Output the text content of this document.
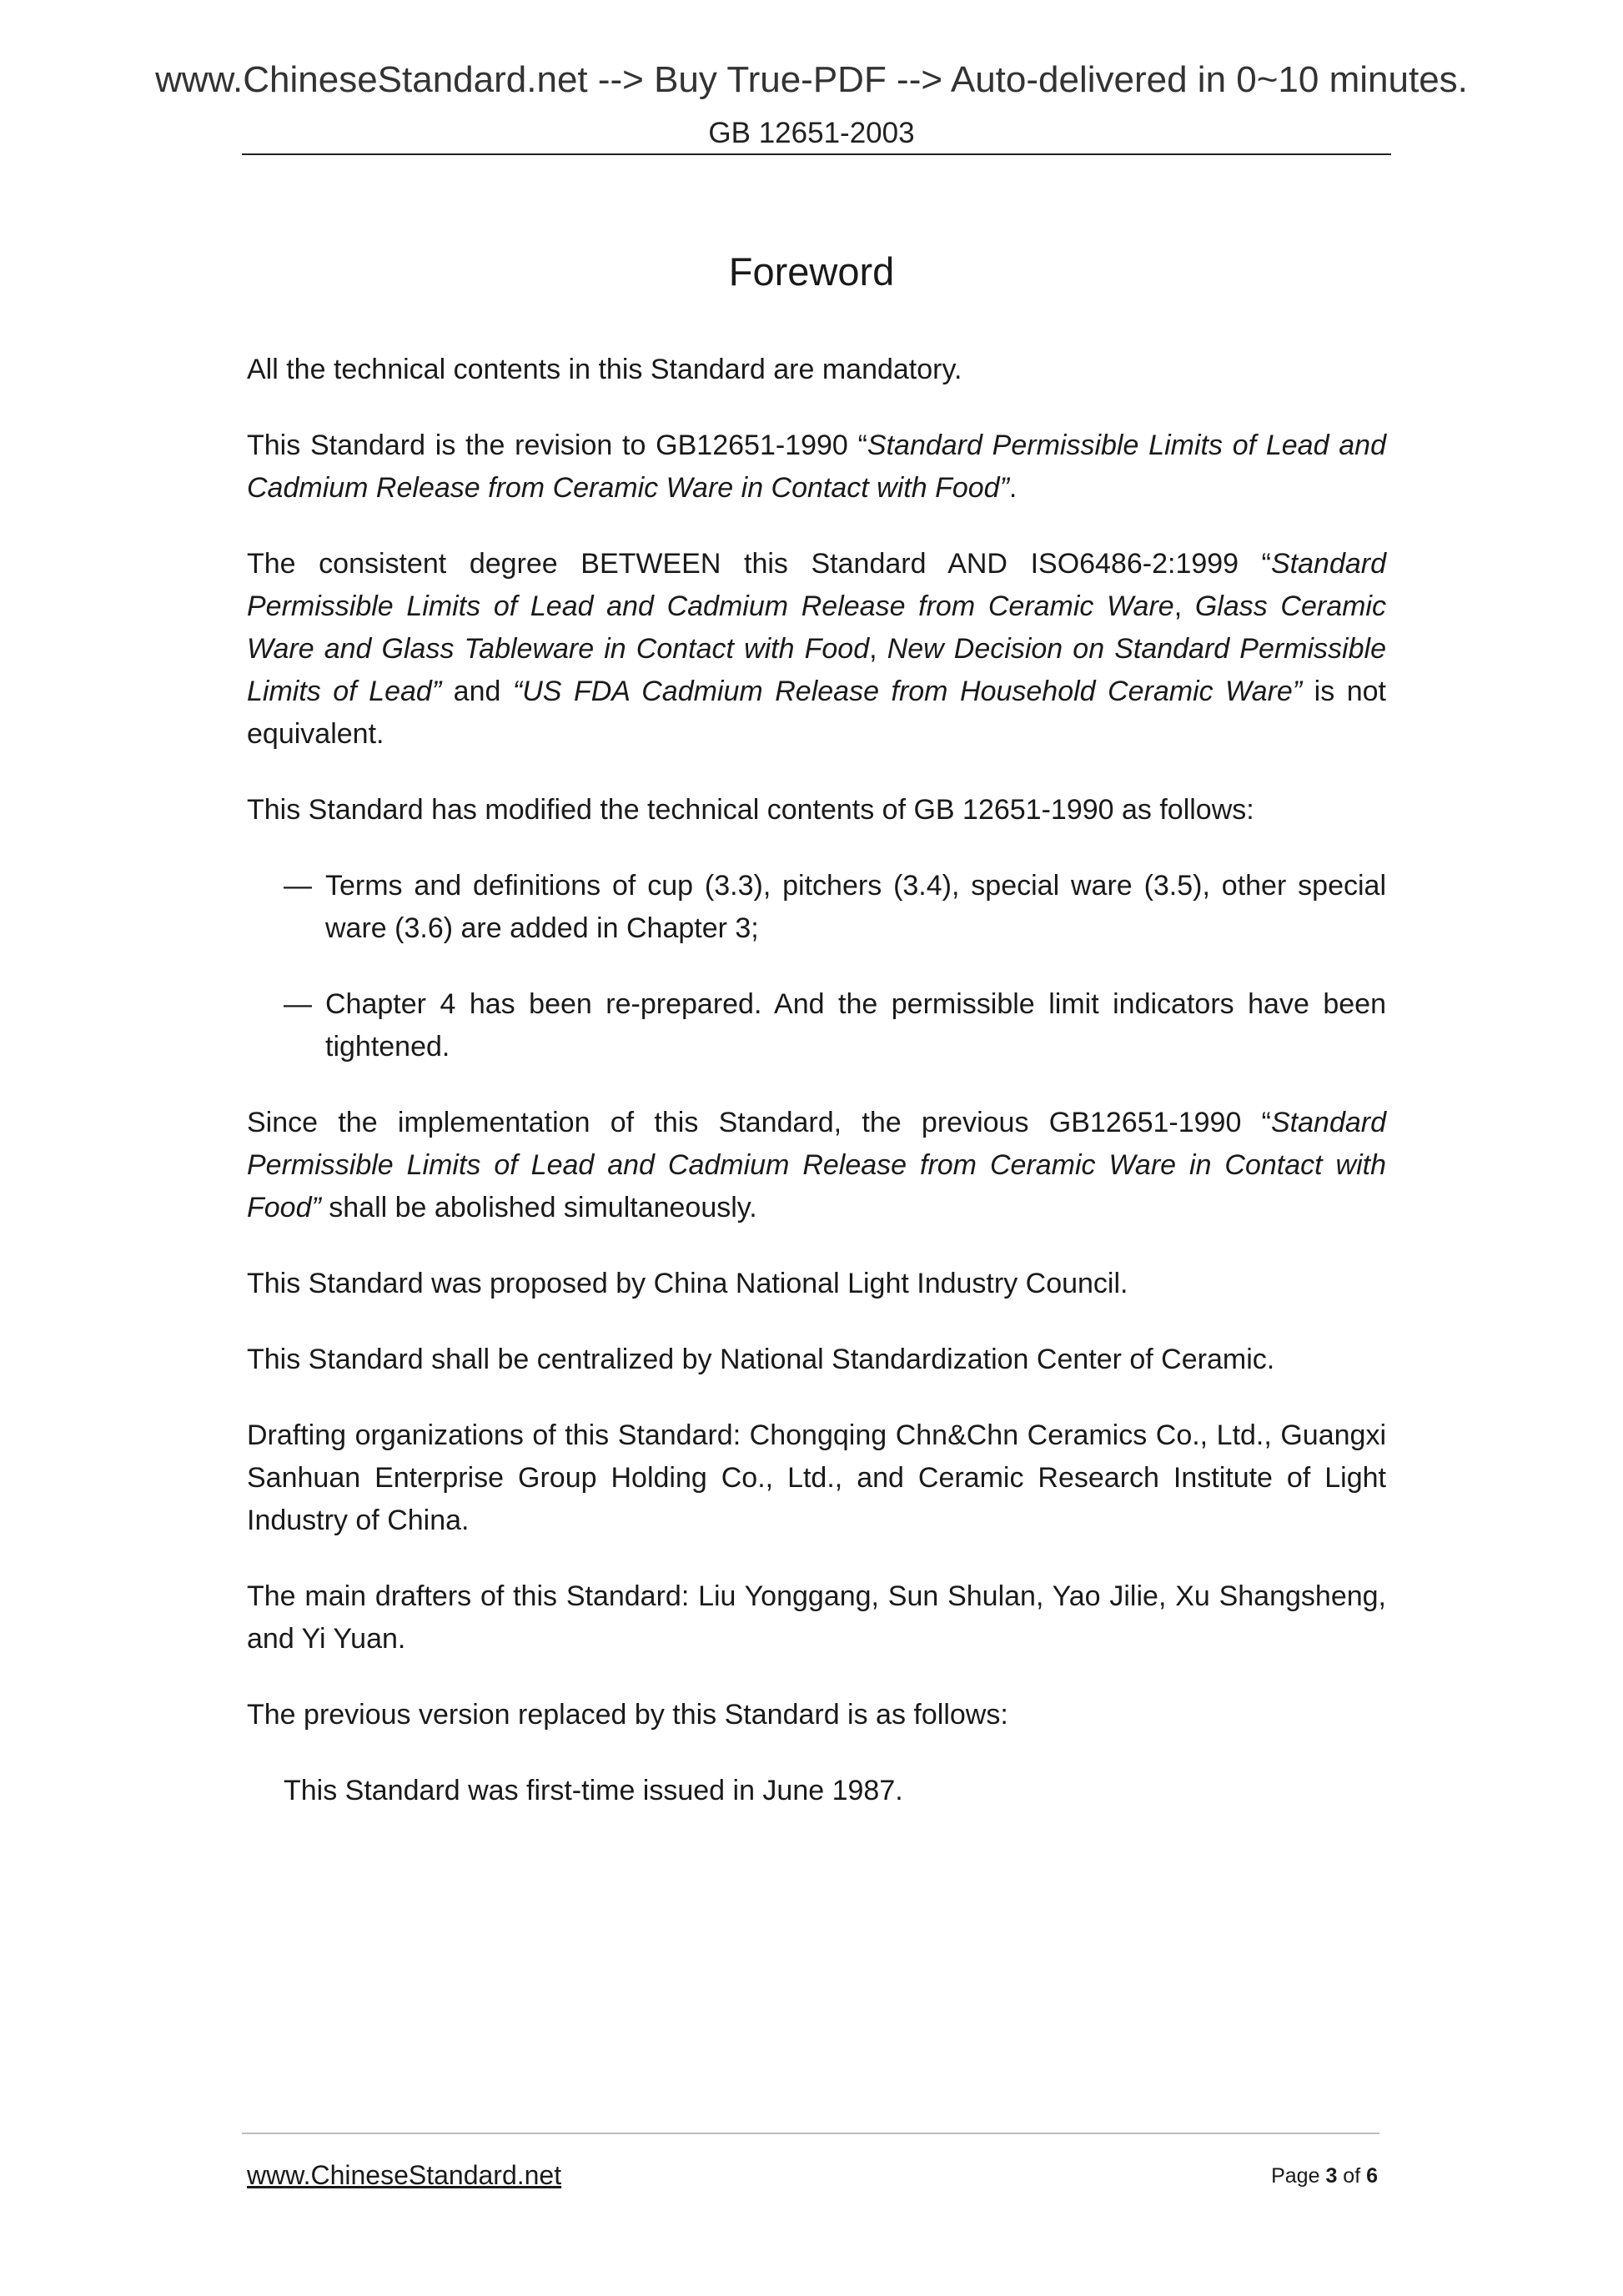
www.ChineseStandard.net --> Buy True-PDF --> Auto-delivered in 0~10 minutes.
GB 12651-2003
Foreword

All the technical contents in this Standard are mandatory.

This Standard is the revision to GB12651-1990 “Standard Permissible Limits of Lead and Cadmium Release from Ceramic Ware in Contact with Food”.

The consistent degree BETWEEN this Standard AND ISO6486-2:1999 “Standard Permissible Limits of Lead and Cadmium Release from Ceramic Ware, Glass Ceramic Ware and Glass Tableware in Contact with Food, New Decision on Standard Permissible Limits of Lead” and “US FDA Cadmium Release from Household Ceramic Ware” is not equivalent.

This Standard has modified the technical contents of GB 12651-1990 as follows:

— Terms and definitions of cup (3.3), pitchers (3.4), special ware (3.5), other special ware (3.6) are added in Chapter 3;
— Chapter 4 has been re-prepared. And the permissible limit indicators have been tightened.

Since the implementation of this Standard, the previous GB12651-1990 “Standard Permissible Limits of Lead and Cadmium Release from Ceramic Ware in Contact with Food” shall be abolished simultaneously.

This Standard was proposed by China National Light Industry Council.

This Standard shall be centralized by National Standardization Center of Ceramic.

Drafting organizations of this Standard: Chongqing Chn&Chn Ceramics Co., Ltd., Guangxi Sanhuan Enterprise Group Holding Co., Ltd., and Ceramic Research Institute of Light Industry of China.

The main drafters of this Standard: Liu Yonggang, Sun Shulan, Yao Jilie, Xu Shangsheng, and Yi Yuan.

The previous version replaced by this Standard is as follows:

This Standard was first-time issued in June 1987.

www.ChineseStandard.net	Page 3 of 6
